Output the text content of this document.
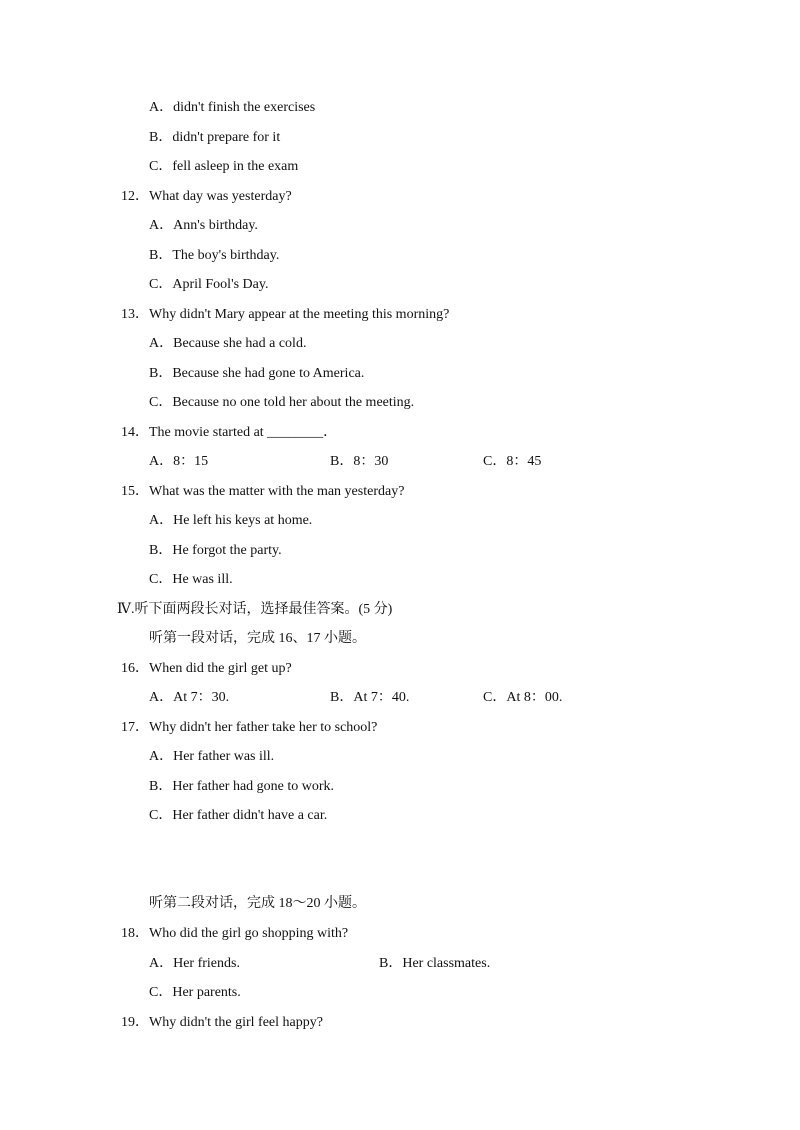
A．didn't finish the exercises
B．didn't prepare for it
C．fell asleep in the exam
12．What day was yesterday?
A．Ann's birthday.
B．The boy's birthday.
C．April Fool's Day.
13．Why didn't Mary appear at the meeting this morning?
A．Because she had a cold.
B．Because she had gone to America.
C．Because no one told her about the meeting.
14．The movie started at ________．
A．8：15	B．8：30	C．8：45
15．What was the matter with the man yesterday?
A．He left his keys at home.
B．He forgot the party.
C．He was ill.
Ⅳ.听下面两段长对话，选择最佳答案。(5 分)
听第一段对话，完成 16、17 小题。
16．When did the girl get up?
A．At 7：30.	B．At 7：40.	C．At 8：00.
17．Why didn't her father take her to school?
A．Her father was ill.
B．Her father had gone to work.
C．Her father didn't have a car.
听第二段对话，完成 18～20 小题。
18．Who did the girl go shopping with?
A．Her friends.	B．Her classmates.
C．Her parents.
19．Why didn't the girl feel happy?
